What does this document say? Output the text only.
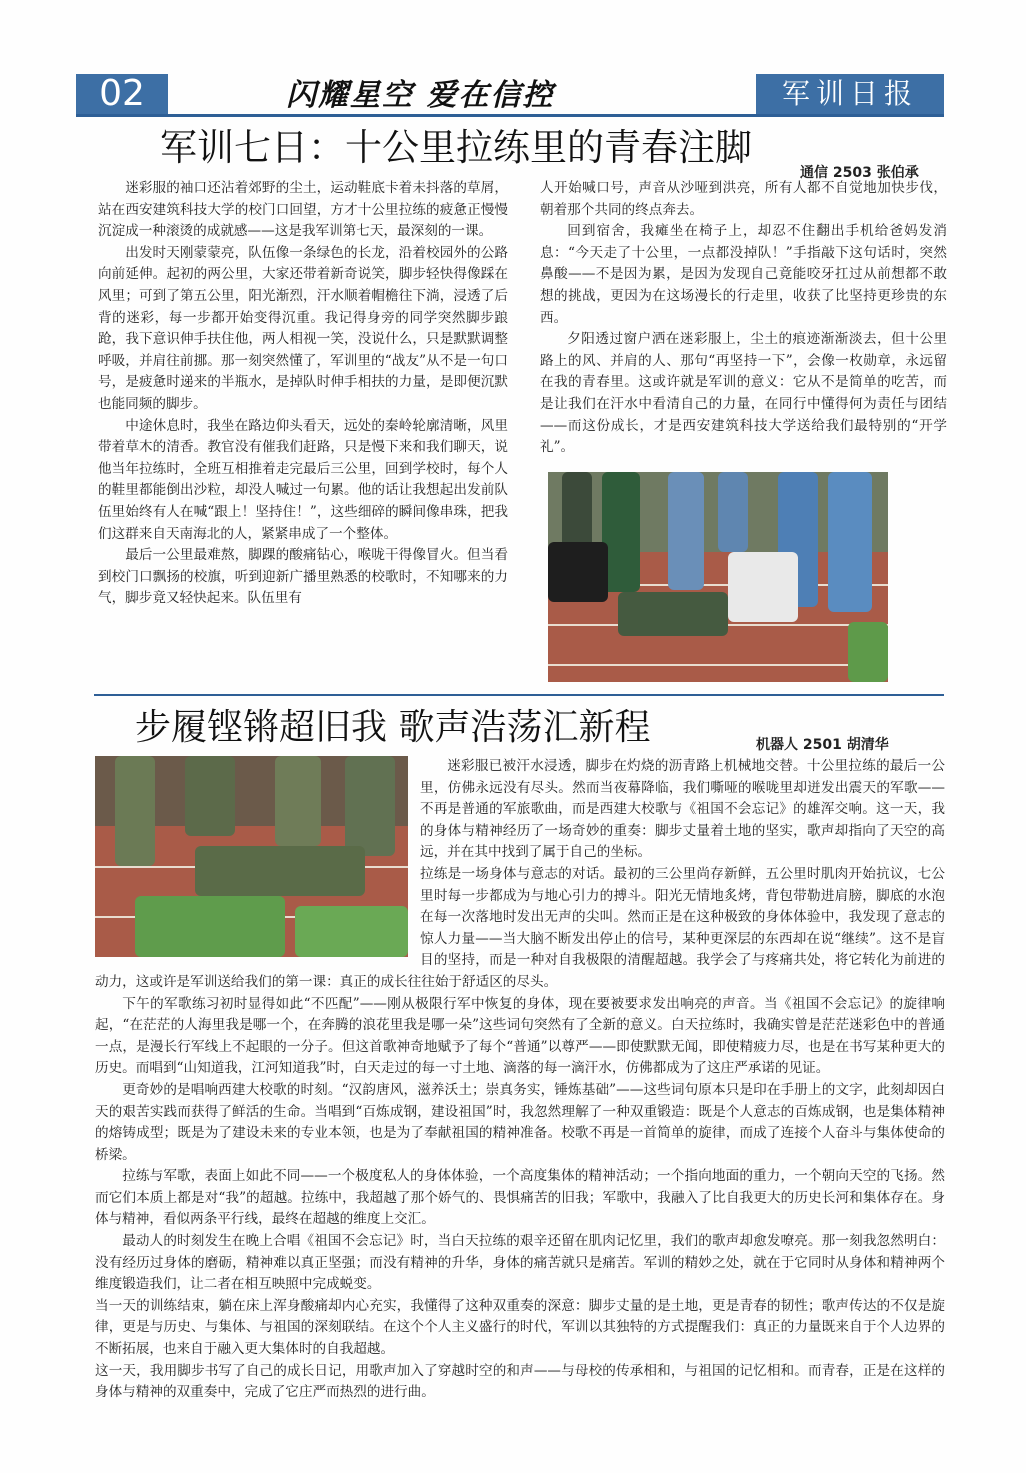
02	闪耀星空 爱在信控	军训日报
军训七日：十公里拉练里的青春注脚
通信 2503 张伯承

迷彩服的袖口还沾着郊野的尘土，运动鞋底卡着未抖落的草屑，站在西安建筑科技大学的校门口回望，方才十公里拉练的疲惫正慢慢沉淀成一种滚烫的成就感——这是我军训第七天，最深刻的一课。

出发时天刚蒙蒙亮，队伍像一条绿色的长龙，沿着校园外的公路向前延伸。起初的两公里，大家还带着新奇说笑，脚步轻快得像踩在风里；可到了第五公里，阳光渐烈，汗水顺着帽檐往下淌，浸透了后背的迷彩，每一步都开始变得沉重。我记得身旁的同学突然脚步踉跄，我下意识伸手扶住他，两人相视一笑，没说什么，只是默默调整呼吸，并肩往前挪。那一刻突然懂了，军训里的“战友”从不是一句口号，是疲惫时递来的半瓶水，是掉队时伸手相扶的力量，是即便沉默也能同频的脚步。

中途休息时，我坐在路边仰头看天，远处的秦岭轮廓清晰，风里带着草木的清香。教官没有催我们赶路，只是慢下来和我们聊天，说他当年拉练时，全班互相推着走完最后三公里，回到学校时，每个人的鞋里都能倒出沙粒，却没人喊过一句累。他的话让我想起出发前队伍里始终有人在喊“跟上！坚持住！”，这些细碎的瞬间像串珠，把我们这群来自天南海北的人，紧紧串成了一个整体。

最后一公里最难熬，脚踝的酸痛钻心，喉咙干得像冒火。但当看到校门口飘扬的校旗，听到迎新广播里熟悉的校歌时，不知哪来的力气，脚步竟又轻快起来。队伍里有

人开始喊口号，声音从沙哑到洪亮，所有人都不自觉地加快步伐，朝着那个共同的终点奔去。

回到宿舍，我瘫坐在椅子上，却忍不住翻出手机给爸妈发消息：“今天走了十公里，一点都没掉队！”手指敲下这句话时，突然鼻酸——不是因为累，是因为发现自己竟能咬牙扛过从前想都不敢想的挑战，更因为在这场漫长的行走里，收获了比坚持更珍贵的东西。

夕阳透过窗户洒在迷彩服上，尘土的痕迹渐渐淡去，但十公里路上的风、并肩的人、那句“再坚持一下”，会像一枚勋章，永远留在我的青春里。这或许就是军训的意义：它从不是简单的吃苦，而是让我们在汗水中看清自己的力量，在同行中懂得何为责任与团结——而这份成长，才是西安建筑科技大学送给我们最特别的“开学礼”。

步履铿锵超旧我 歌声浩荡汇新程	机器人 2501 胡清华

迷彩服已被汗水浸透，脚步在灼烧的沥青路上机械地交替。十公里拉练的最后一公里，仿佛永远没有尽头。然而当夜幕降临，我们嘶哑的喉咙里却迸发出震天的军歌——不再是普通的军旅歌曲，而是西建大校歌与《祖国不会忘记》的雄浑交响。这一天，我的身体与精神经历了一场奇妙的重奏：脚步丈量着土地的坚实，歌声却指向了天空的高远，并在其中找到了属于自己的坐标。

拉练是一场身体与意志的对话。最初的三公里尚存新鲜，五公里时肌肉开始抗议，七公里时每一步都成为与地心引力的搏斗。阳光无情地炙烤，背包带勒进肩膀，脚底的水泡在每一次落地时发出无声的尖叫。然而正是在这种极致的身体体验中，我发现了意志的惊人力量——当大脑不断发出停止的信号，某种更深层的东西却在说“继续”。这不是盲目的坚持，而是一种对自我极限的清醒超越。我学会了与疼痛共处，将它转化为前进的动力，这或许是军训送给我们的第一课：真正的成长往往始于舒适区的尽头。

下午的军歌练习初时显得如此“不匹配”——刚从极限行军中恢复的身体，现在要被要求发出响亮的声音。当《祖国不会忘记》的旋律响起，“在茫茫的人海里我是哪一个，在奔腾的浪花里我是哪一朵”这些词句突然有了全新的意义。白天拉练时，我确实曾是茫茫迷彩色中的普通一点，是漫长行军线上不起眼的一分子。但这首歌神奇地赋予了每个“普通”以尊严——即使默默无闻，即使精疲力尽，也是在书写某种更大的历史。而唱到“山知道我，江河知道我”时，白天走过的每一寸土地、滴落的每一滴汗水，仿佛都成为了这庄严承诺的见证。

更奇妙的是唱响西建大校歌的时刻。“汉韵唐风，滋养沃土；崇真务实，锤炼基础”——这些词句原本只是印在手册上的文字，此刻却因白天的艰苦实践而获得了鲜活的生命。当唱到“百炼成钢，建设祖国”时，我忽然理解了一种双重锻造：既是个人意志的百炼成钢，也是集体精神的熔铸成型；既是为了建设未来的专业本领，也是为了奉献祖国的精神准备。校歌不再是一首简单的旋律，而成了连接个人奋斗与集体使命的桥梁。

拉练与军歌，表面上如此不同——一个极度私人的身体体验，一个高度集体的精神活动；一个指向地面的重力，一个朝向天空的飞扬。然而它们本质上都是对“我”的超越。拉练中，我超越了那个娇气的、畏惧痛苦的旧我；军歌中，我融入了比自我更大的历史长河和集体存在。身体与精神，看似两条平行线，最终在超越的维度上交汇。

最动人的时刻发生在晚上合唱《祖国不会忘记》时，当白天拉练的艰辛还留在肌肉记忆里，我们的歌声却愈发嘹亮。那一刻我忽然明白：没有经历过身体的磨砺，精神难以真正坚强；而没有精神的升华，身体的痛苦就只是痛苦。军训的精妙之处，就在于它同时从身体和精神两个维度锻造我们，让二者在相互映照中完成蜕变。

当一天的训练结束，躺在床上浑身酸痛却内心充实，我懂得了这种双重奏的深意：脚步丈量的是土地，更是青春的韧性；歌声传达的不仅是旋律，更是与历史、与集体、与祖国的深刻联结。在这个个人主义盛行的时代，军训以其独特的方式提醒我们：真正的力量既来自于个人边界的不断拓展，也来自于融入更大集体时的自我超越。

这一天，我用脚步书写了自己的成长日记，用歌声加入了穿越时空的和声——与母校的传承相和，与祖国的记忆相和。而青春，正是在这样的身体与精神的双重奏中，完成了它庄严而热烈的进行曲。
